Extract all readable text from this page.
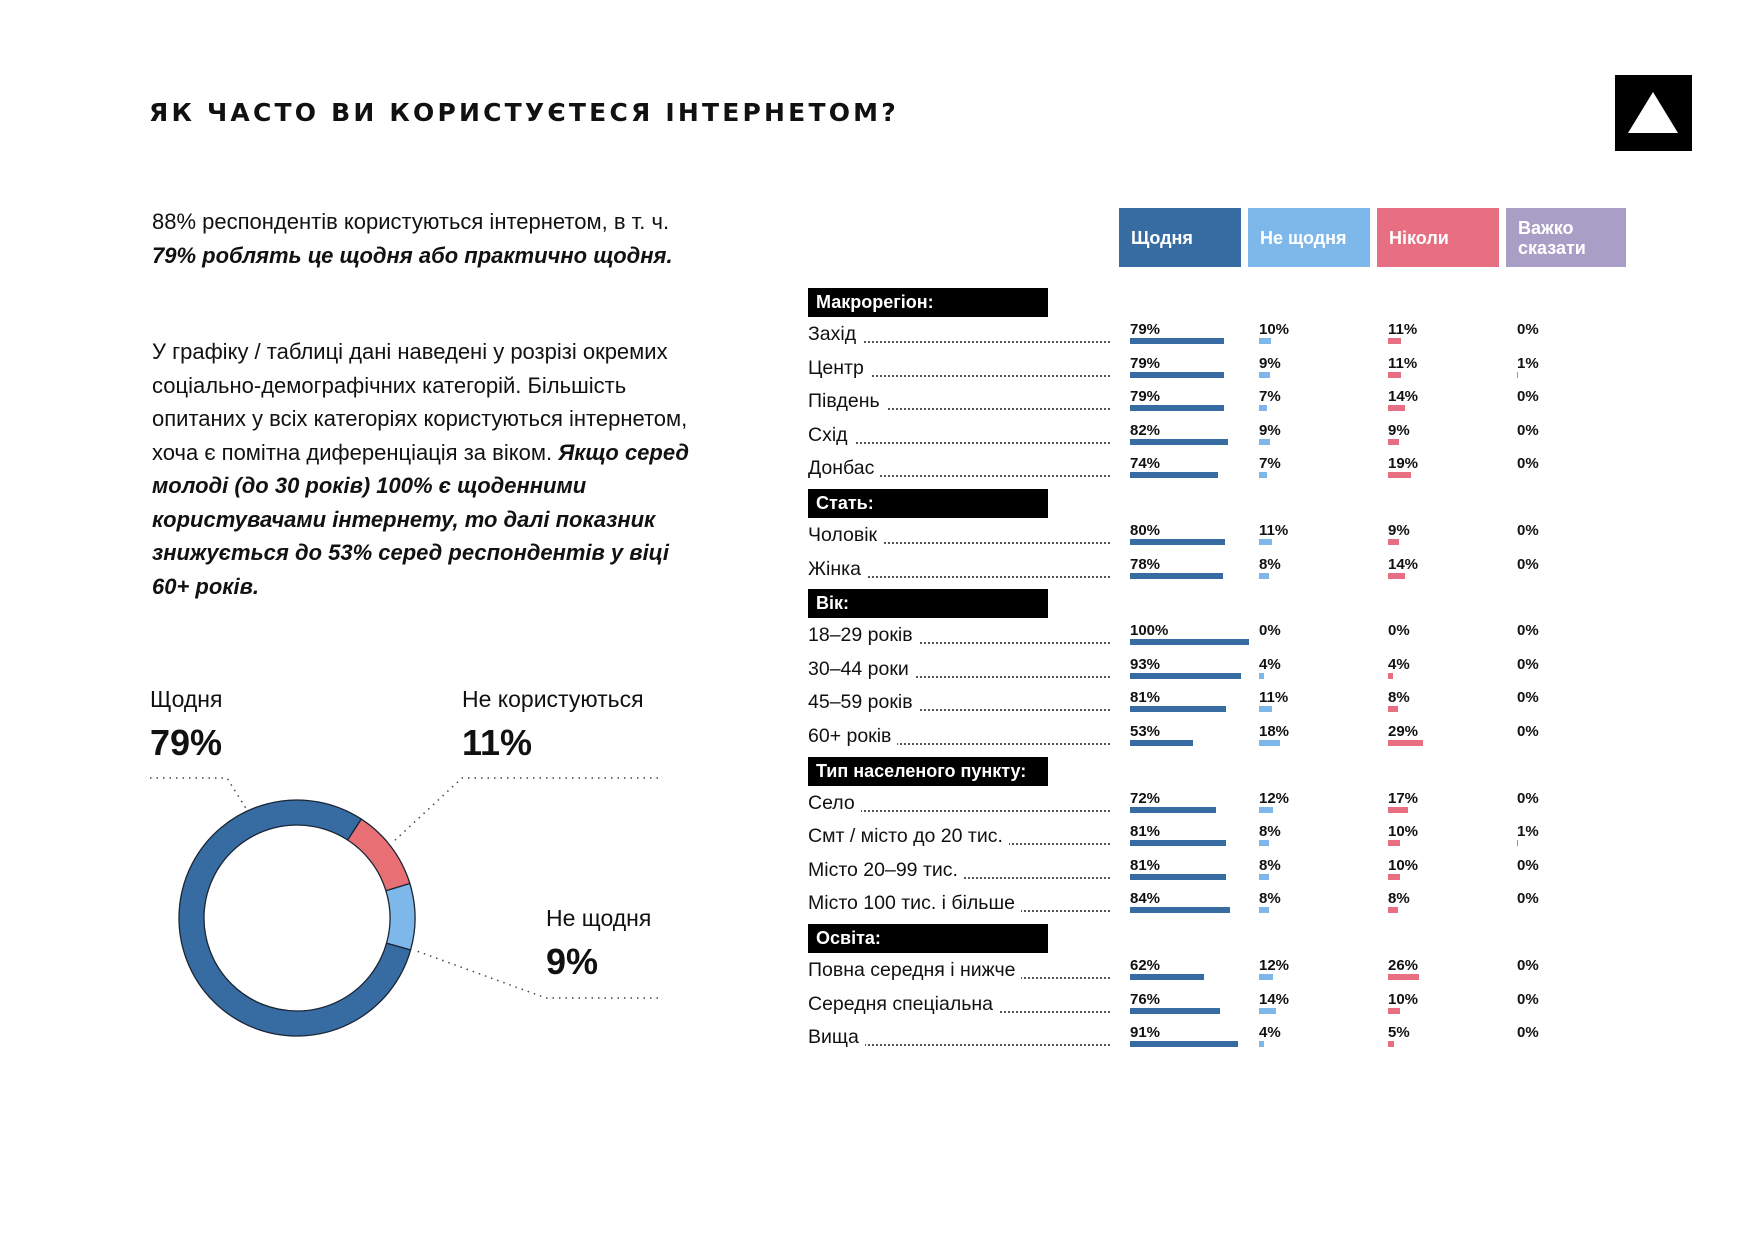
ЯК ЧАСТО ВИ КОРИСТУЄТЕСЯ ІНТЕРНЕТОМ?
88% респондентів користуються інтернетом, в т. ч. 79% роблять це щодня або практично щодня.
У графіку / таблиці дані наведені у розрізі окремих соціально-демографічних категорій. Більшість опитаних у всіх категоріях користуються інтернетом, хоча є помітна диференціація за віком. Якщо серед молоді (до 30 років) 100% є щоденними користувачами інтернету, то далі показник знижується до 53% серед респондентів у віці 60+ років.
Щодня
79%
Не користуються
11%
Не щодня
9%
Щодня	Не щодня	Ніколи	Важко сказати
Макрорегіон:
Захід	79%	10%	11%	0%
Центр	79%	9%	11%	1%
Південь	79%	7%	14%	0%
Схід	82%	9%	9%	0%
Донбас	74%	7%	19%	0%
Стать:
Чоловік	80%	11%	9%	0%
Жінка	78%	8%	14%	0%
Вік:
18–29 років	100%	0%	0%	0%
30–44 роки	93%	4%	4%	0%
45–59 років	81%	11%	8%	0%
60+ років	53%	18%	29%	0%
Тип населеного пункту:
Село	72%	12%	17%	0%
Смт / місто до 20 тис.	81%	8%	10%	1%
Місто 20–99 тис.	81%	8%	10%	0%
Місто 100 тис. і більше	84%	8%	8%	0%
Освіта:
Повна середня і нижче	62%	12%	26%	0%
Середня спеціальна	76%	14%	10%	0%
Вища	91%	4%	5%	0%
